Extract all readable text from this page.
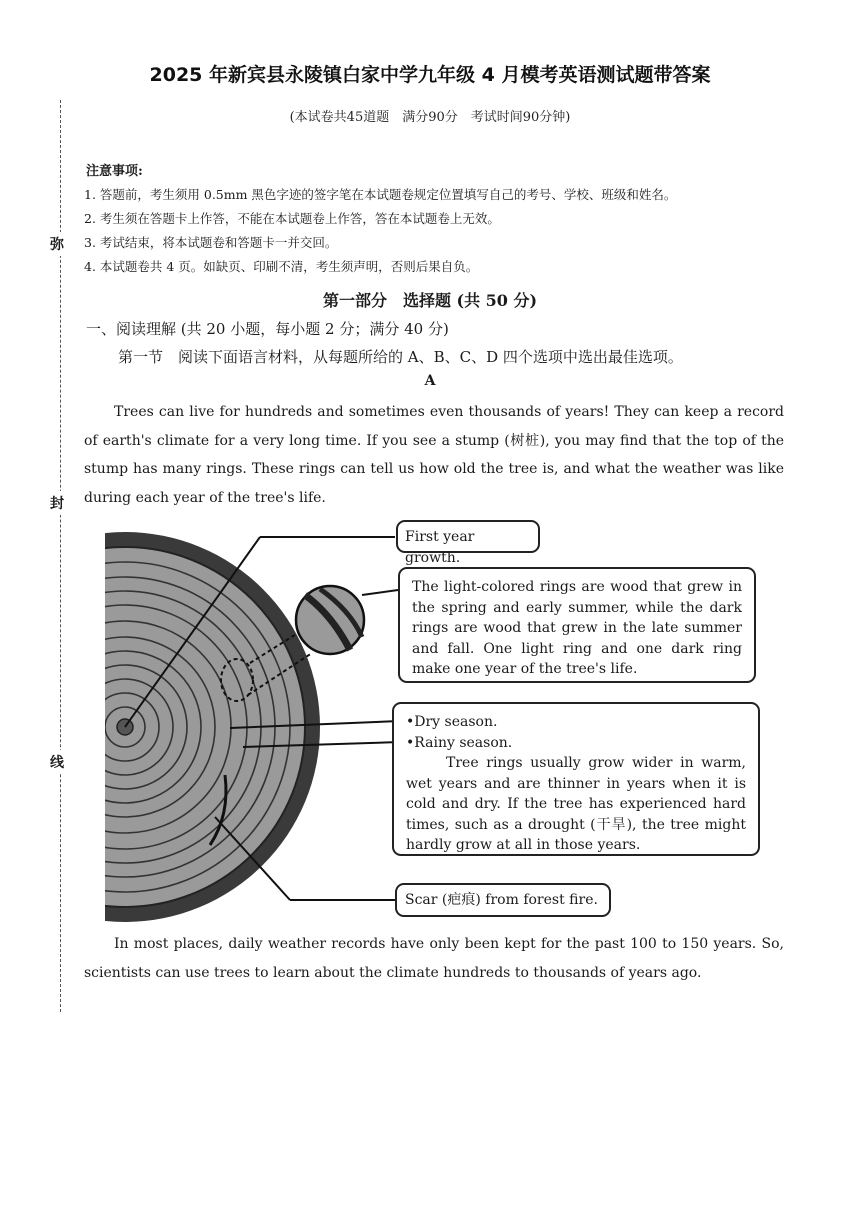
2025 年新宾县永陵镇白家中学九年级 4 月模考英语测试题带答案
(本试卷共45道题　满分90分　考试时间90分钟)
弥
封
线
注意事项:
1. 答题前，考生须用 0.5mm 黑色字迹的签字笔在本试题卷规定位置填写自己的考号、学校、班级和姓名。
2. 考生须在答题卡上作答，不能在本试题卷上作答，答在本试题卷上无效。
3. 考试结束，将本试题卷和答题卡一并交回。
4. 本试题卷共 4 页。如缺页、印刷不清，考生须声明，否则后果自负。
第一部分　选择题 (共 50 分)
一、阅读理解 (共 20 小题，每小题 2 分；满分 40 分)
第一节　阅读下面语言材料，从每题所给的 A、B、C、D 四个选项中选出最佳选项。
A
Trees can live for hundreds and sometimes even thousands of years! They can keep a record of earth's climate for a very long time. If you see a stump (树桩), you may find that the top of the stump has many rings. These rings can tell us how old the tree is, and what the weather was like during each year of the tree's life.
First year growth.
The light-colored rings are wood that grew in the spring and early summer, while the dark rings are wood that grew in the late summer and fall. One light ring and one dark ring make one year of the tree's life.
•Dry season.
•Rainy season.
Tree rings usually grow wider in warm, wet years and are thinner in years when it is cold and dry. If the tree has experienced hard times, such as a drought (干旱), the tree might hardly grow at all in those years.
Scar (疤痕) from forest fire.
In most places, daily weather records have only been kept for the past 100 to 150 years. So, scientists can use trees to learn about the climate hundreds to thousands of years ago.
